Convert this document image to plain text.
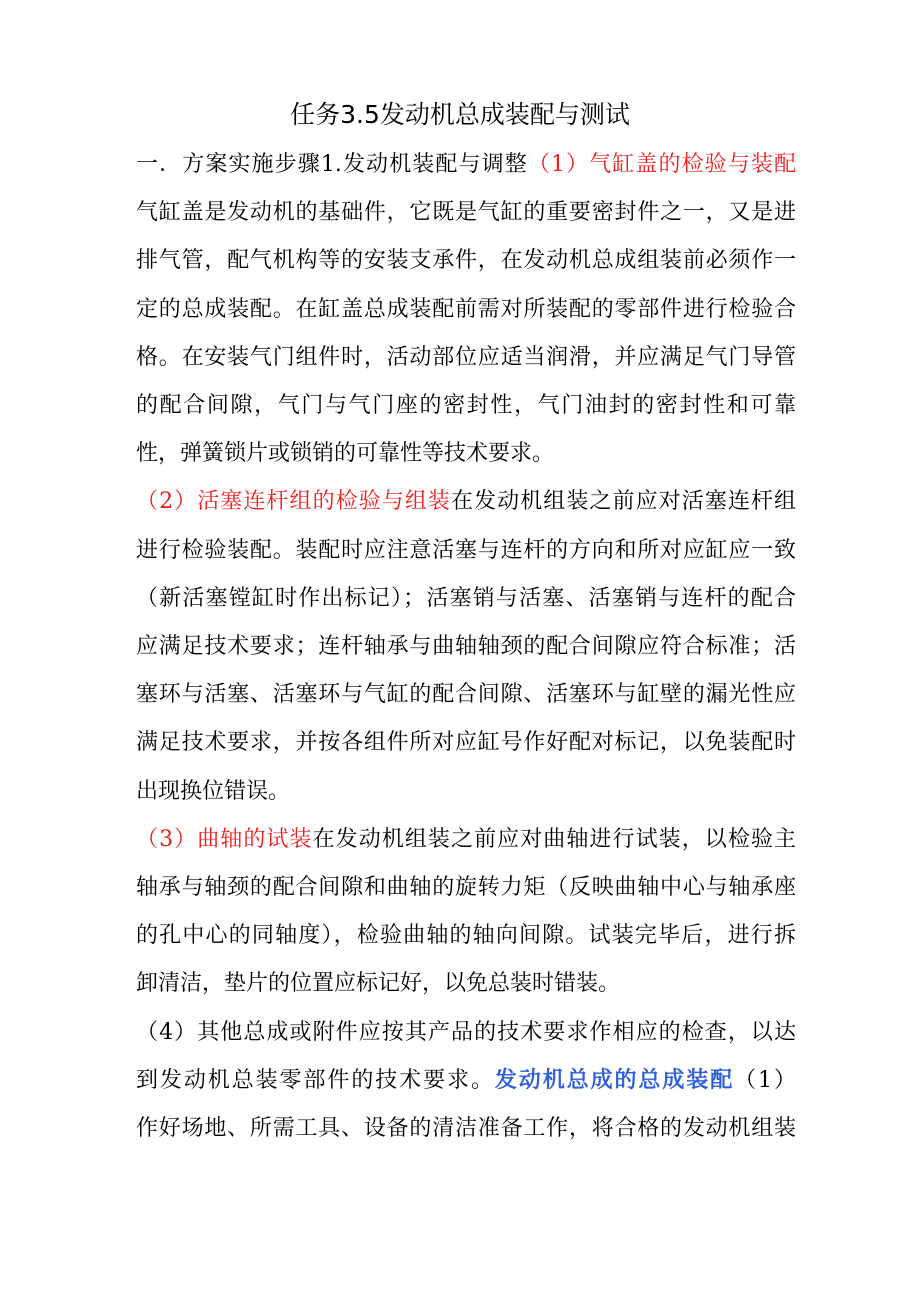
任务3.5发动机总成装配与测试
一．方案实施步骤1.发动机装配与调整（1）气缸盖的检验与装配
气缸盖是发动机的基础件，它既是气缸的重要密封件之一，又是进
排气管，配气机构等的安装支承件，在发动机总成组装前必须作一
定的总成装配。在缸盖总成装配前需对所装配的零部件进行检验合
格。在安装气门组件时，活动部位应适当润滑，并应满足气门导管
的配合间隙，气门与气门座的密封性，气门油封的密封性和可靠
性，弹簧锁片或锁销的可靠性等技术要求。
（2）活塞连杆组的检验与组装在发动机组装之前应对活塞连杆组
进行检验装配。装配时应注意活塞与连杆的方向和所对应缸应一致
（新活塞镗缸时作出标记）；活塞销与活塞、活塞销与连杆的配合
应满足技术要求；连杆轴承与曲轴轴颈的配合间隙应符合标准；活
塞环与活塞、活塞环与气缸的配合间隙、活塞环与缸壁的漏光性应
满足技术要求，并按各组件所对应缸号作好配对标记，以免装配时
出现换位错误。
（3）曲轴的试装在发动机组装之前应对曲轴进行试装，以检验主
轴承与轴颈的配合间隙和曲轴的旋转力矩（反映曲轴中心与轴承座
的孔中心的同轴度），检验曲轴的轴向间隙。试装完毕后，进行拆
卸清洁，垫片的位置应标记好，以免总装时错装。
（4）其他总成或附件应按其产品的技术要求作相应的检查，以达
到发动机总装零部件的技术要求。发动机总成的总成装配（1）
作好场地、所需工具、设备的清洁准备工作，将合格的发动机组装
